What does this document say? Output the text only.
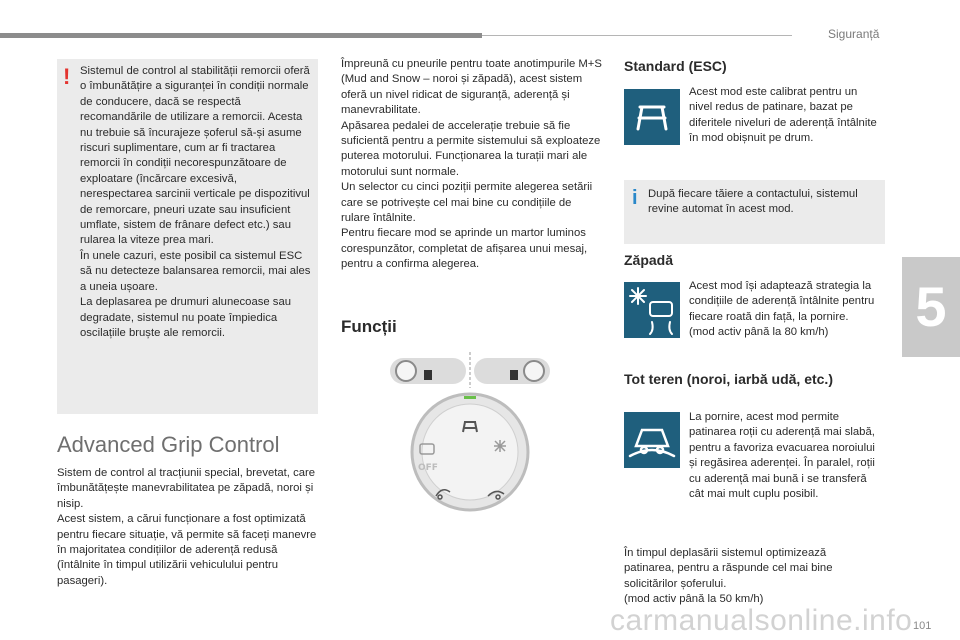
Siguranță
5
101
carmanualsonline.info
! Sistemul de control al stabilității remorcii oferă o îmbunătățire a siguranței în condiții normale de conducere, dacă se respectă recomandările de utilizare a remorcii. Acesta nu trebuie să încurajeze șoferul să-și asume riscuri suplimentare, cum ar fi tractarea remorcii în condiții necorespunzătoare de exploatare (încărcare excesivă, nerespectarea sarcinii verticale pe dispozitivul de remorcare, pneuri uzate sau insuficient umflate, sistem de frânare defect etc.) sau rularea la viteze prea mari.
În unele cazuri, este posibil ca sistemul ESC să nu detecteze balansarea remorcii, mai ales a uneia ușoare.
La deplasarea pe drumuri alunecoase sau degradate, sistemul nu poate împiedica oscilațiile bruște ale remorcii.
Advanced Grip Control
Sistem de control al tracțiunii special, brevetat, care îmbunătățește manevrabilitatea pe zăpadă, noroi și nisip.
Acest sistem, a cărui funcționare a fost optimizată pentru fiecare situație, vă permite să faceți manevre în majoritatea condițiilor de aderență redusă (întâlnite în timpul utilizării vehiculului pentru pasageri).
Împreună cu pneurile pentru toate anotimpurile M+S (Mud and Snow – noroi și zăpadă), acest sistem oferă un nivel ridicat de siguranță, aderență și manevrabilitate.
Apăsarea pedalei de accelerație trebuie să fie suficientă pentru a permite sistemului să exploateze puterea motorului. Funcționarea la turații mari ale motorului sunt normale.
Un selector cu cinci poziții permite alegerea setării care se potrivește cel mai bine cu condițiile de rulare întâlnite.
Pentru fiecare mod se aprinde un martor luminos corespunzător, completat de afișarea unui mesaj, pentru a confirma alegerea.
Funcții
OFF
Standard (ESC)
Acest mod este calibrat pentru un nivel redus de patinare, bazat pe diferitele niveluri de aderență întâlnite în mod obișnuit pe drum.
i După fiecare tăiere a contactului, sistemul revine automat în acest mod.
Zăpadă
Acest mod își adaptează strategia la condițiile de aderență întâlnite pentru fiecare roată din față, la pornire.
(mod activ până la 80 km/h)
Tot teren (noroi, iarbă udă, etc.)
La pornire, acest mod permite patinarea roții cu aderență mai slabă, pentru a favoriza evacuarea noroiului și regăsirea aderenței. În paralel, roții cu aderență mai bună i se transferă cât mai mult cuplu posibil.
În timpul deplasării sistemul optimizează patinarea, pentru a răspunde cel mai bine solicitărilor șoferului.
(mod activ până la 50 km/h)
